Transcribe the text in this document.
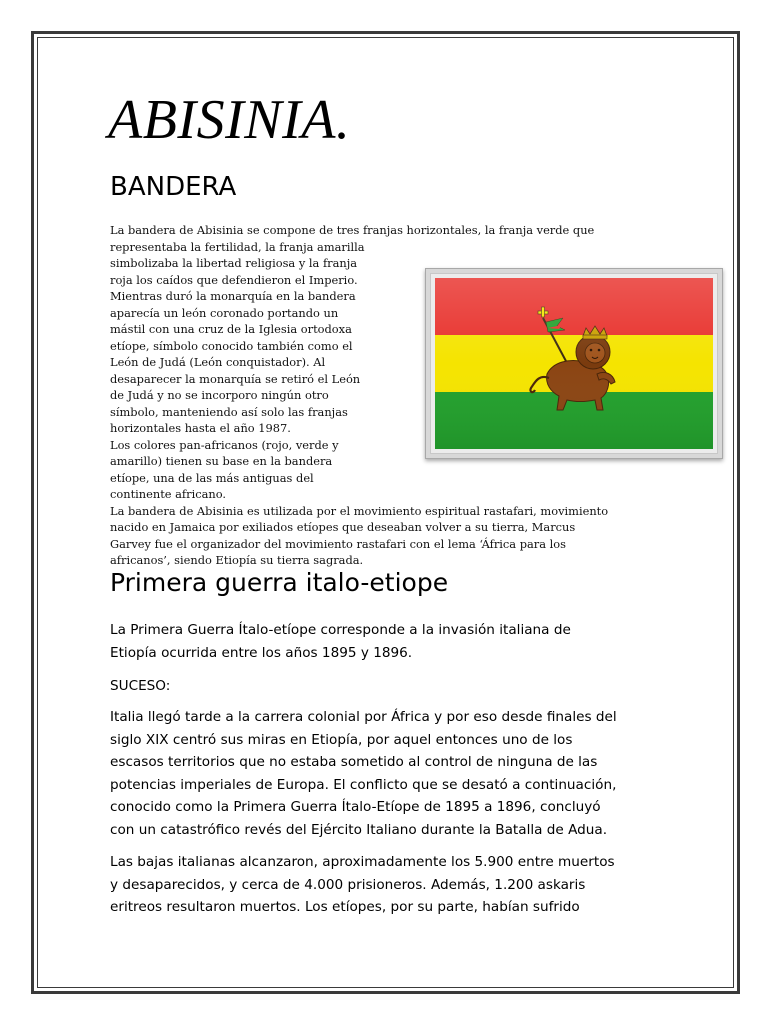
ABISINIA.
BANDERA
La bandera de Abisinia se compone de tres franjas horizontales, la franja verde que
representaba la fertilidad, la franja amarilla
simbolizaba la libertad religiosa y la franja
roja los caídos que defendieron el Imperio.
Mientras duró la monarquía en la bandera
aparecía un león coronado portando un
mástil con una cruz de la Iglesia ortodoxa
etíope, símbolo conocido también como el
León de Judá (León conquistador). Al
desaparecer la monarquía se retiró el León
de Judá y no se incorporo ningún otro
símbolo, manteniendo así solo las franjas
horizontales hasta el año 1987.
Los colores pan-africanos (rojo, verde y
amarillo) tienen su base en la bandera
etíope, una de las más antiguas del
continente africano.
La bandera de Abisinia es utilizada por el movimiento espiritual rastafari, movimiento
nacido en Jamaica por exiliados etíopes que deseaban volver a su tierra, Marcus
Garvey fue el organizador del movimiento rastafari con el lema ‘África para los
africanos’, siendo Etiopía su tierra sagrada.
Primera guerra italo-etiope

La Primera Guerra Ítalo-etíope corresponde a la invasión italiana de
Etiopía ocurrida entre los años 1895 y 1896.

SUCESO:

Italia llegó tarde a la carrera colonial por África y por eso desde finales del
siglo XIX centró sus miras en Etiopía, por aquel entonces uno de los
escasos territorios que no estaba sometido al control de ninguna de las
potencias imperiales de Europa. El conflicto que se desató a continuación,
conocido como la Primera Guerra Ítalo-Etíope de 1895 a 1896, concluyó
con un catastrófico revés del Ejército Italiano durante la Batalla de Adua.

Las bajas italianas alcanzaron, aproximadamente los 5.900 entre muertos
y desaparecidos, y cerca de 4.000 prisioneros. Además, 1.200 askaris
eritreos resultaron muertos. Los etíopes, por su parte, habían sufrido
